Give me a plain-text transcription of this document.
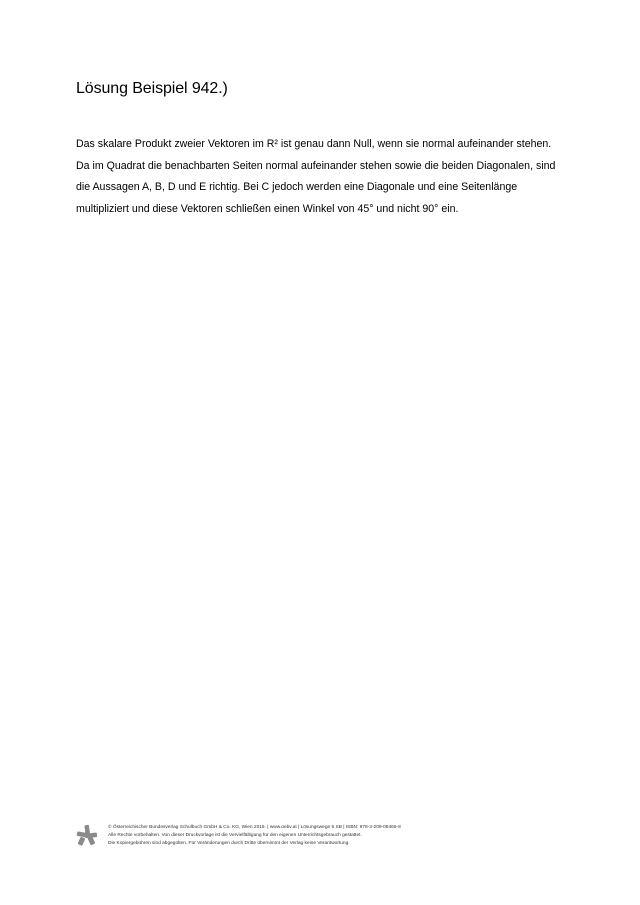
Lösung Beispiel 942.)

Das skalare Produkt zweier Vektoren im R² ist genau dann Null, wenn sie normal aufeinander stehen.
Da im Quadrat die benachbarten Seiten normal aufeinander stehen sowie die beiden Diagonalen, sind
die Aussagen A, B, D und E richtig. Bei C jedoch werden eine Diagonale und eine Seitenlänge
multipliziert und diese Vektoren schließen einen Winkel von 45° und nicht 90° ein.

© Österreichischer Bundesverlag Schulbuch GmbH & Co. KG, Wien 2015. | www.oebv.at | Lösungswege 5 SB | ISBN: 978-3-209-08466-8
Alle Rechte vorbehalten. Von dieser Druckvorlage ist die Vervielfältigung für den eigenen Unterrichtsgebrauch gestattet.
Die Kopiergebühren sind abgegolten. Für Veränderungen durch Dritte übernimmt der Verlag keine Verantwortung.
